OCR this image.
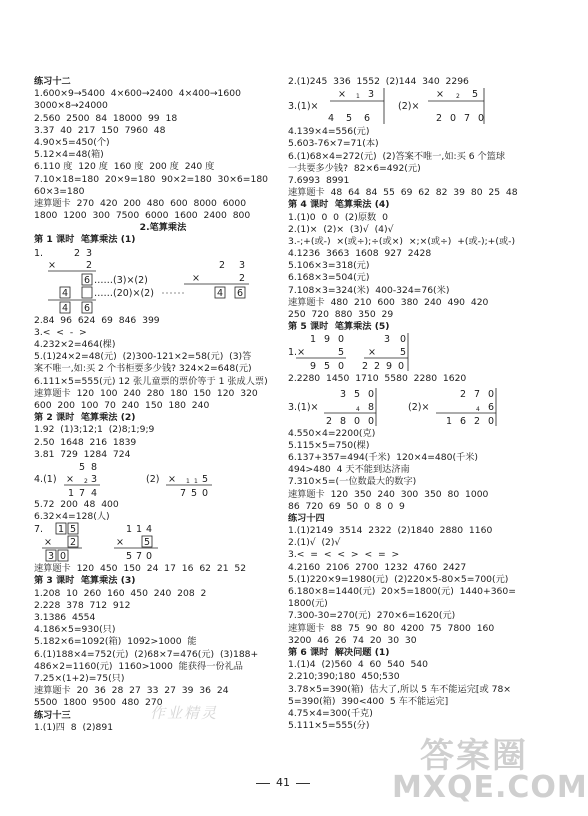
练习十二
1.600×9→5400  4×600→2400  4×400→1600
3000×8→24000
2.560  2500  84  18000  99  18
3.37  40  217  150  7960  48
4.90×5=450(个)
5.12×4=48(箱)
6.110 度  120 度  160 度  200 度  240 度
7.10×18=180  20×9=180  90×2=180  30×6=180
60×3=180
速算题卡  270  420  200  480  600  8000  6000
1800  1200  300  7500  6000  1600  2400  800
2.笔算乘法
第 1 课时  笔算乘法 (1)
1.	2 3
×	2
6 ……(3)×(2)
4	……(20)×(2)
4 6
2 3
×	2
4 6
2.84  96  624  69  846  399
3.<  <  -  >
4.232×2=464(棵)
5.(1)24×2=48(元)  (2)300-121×2=58(元)  (3)答
案不唯一,如:买 2 个书柜要多少钱? 324×2=648(元)
6.111×5=555(元) 12 张儿童票的票价等于 1 张成人票)
速算题卡  120  100  240  280  180  150  120  320
600  200  100  70  240  150  180  240
第 2 课时  笔算乘法 (2)
1.92  (1)3;12;1  (2)8;1;9;9
2.50  1648  216  1839
3.81  729  1284  724
5 8
4.(1) × 3
2
1 7 4
(2) × 1 1 5
7 5 0
5.72  200  48  400
6.32×4=128(人)
7. 1 5	1 1 4
× 2	× 5
3 0	5 7 0
速算题卡  120  450  150  24  17  16  62  21  52
第 3 课时  笔算乘法 (3)
1.208  10  260  160  450  240  208  2
2.228  378  712  912
3.1386  4554
4.186×5=930(只)
5.182×6=1092(箱)  1092>1000  能
6.(1)188×4=752(元)  (2)68×7=476(元)  (3)188+
486×2=1160(元)  1160>1000  能获得一份礼品
7.25×(1+2)=75(只)
速算题卡  20  36  28  27  33  27  39  36  24
5500  1800  9500  480  270
练习十三
1.(1)四  8  (2)891
2.(1)245  336  1552  (2)144  340  2296
3.(1)×
× 3
1
4 5 6
(2)×
× 2 5
2 0 7 0
4.139×4=556(元)
5.603-76×7=71(本)
6.(1)68×4=272(元)  (2)答案不唯一,如:买 6 个篮球
一共要多少钱?  82×6=492(元)
7.6993  8991
速算题卡  48  64  84  55  69  62  82  39  80  25  48
第 4 课时  笔算乘法 (4)
1.(1)0  0  0  (2)原数  0
2.(1)×  (2)×  (3)√  (4)√
3.-;+(或-)  ×(或÷);÷(或×)  ×;×(或÷)  +(或-);+(或-)
4.1236  3663  1608  927  2428
5.106×3=318(元)
6.168×3=504(元)
7.108×3=324(米)  400-324=76(米)
速算题卡  480  210  600  380  240  490  420
250  720  880  350  29
第 5 课时  笔算乘法 (5)
1 9 0	3 0
1.×	5	×	5
9 5 0 2 2 9 0
2.2280  1450  1710  5580  2280  1620
3 5 0	2 7 0
3.(1)×	8
4	(2)×	6
4
2 8 0 0	1 6 2 0
4.550×4=2200(克)
5.115×5=750(棵)
6.137+357=494(千米)  120×4=480(千米)
494>480  4 天不能到达济南
7.310×5=(一位数最大的数字)
速算题卡  120  350  240  300  350  80  1000
86  720  69  50  0  8  0  9
练习十四
1.(1)2149  3514  2322  (2)1840  2880  1160
2.(1)√  (2)√
3.<  =  <  <  >  <  =  >
4.2160  2106  2700  1232  4760  2427
5.(1)220×9=1980(元)  (2)220×5-80×5=700(元)
6.180×8=1440(元)  20×5=1800(元)  1440+360=
1800(元)
7.300-30=270(元)  270×6=1620(元)
速算题卡  88  75  90  80  4200  75  7800  160
3200  46  26  74  20  30  30
第 6 课时  解决问题 (1)
1.(1)4  (2)560  4  60  540  540
2.210;390;180  450;530
3.78×5=390(箱)  估大了,所以 5 车不能运完[或 78×
5=390(箱)  390<400  5 车不能运完]
4.75×4=300(千克)
5.111×5=555(分)
41
作业精灵
答案圈
MXQE.COM
